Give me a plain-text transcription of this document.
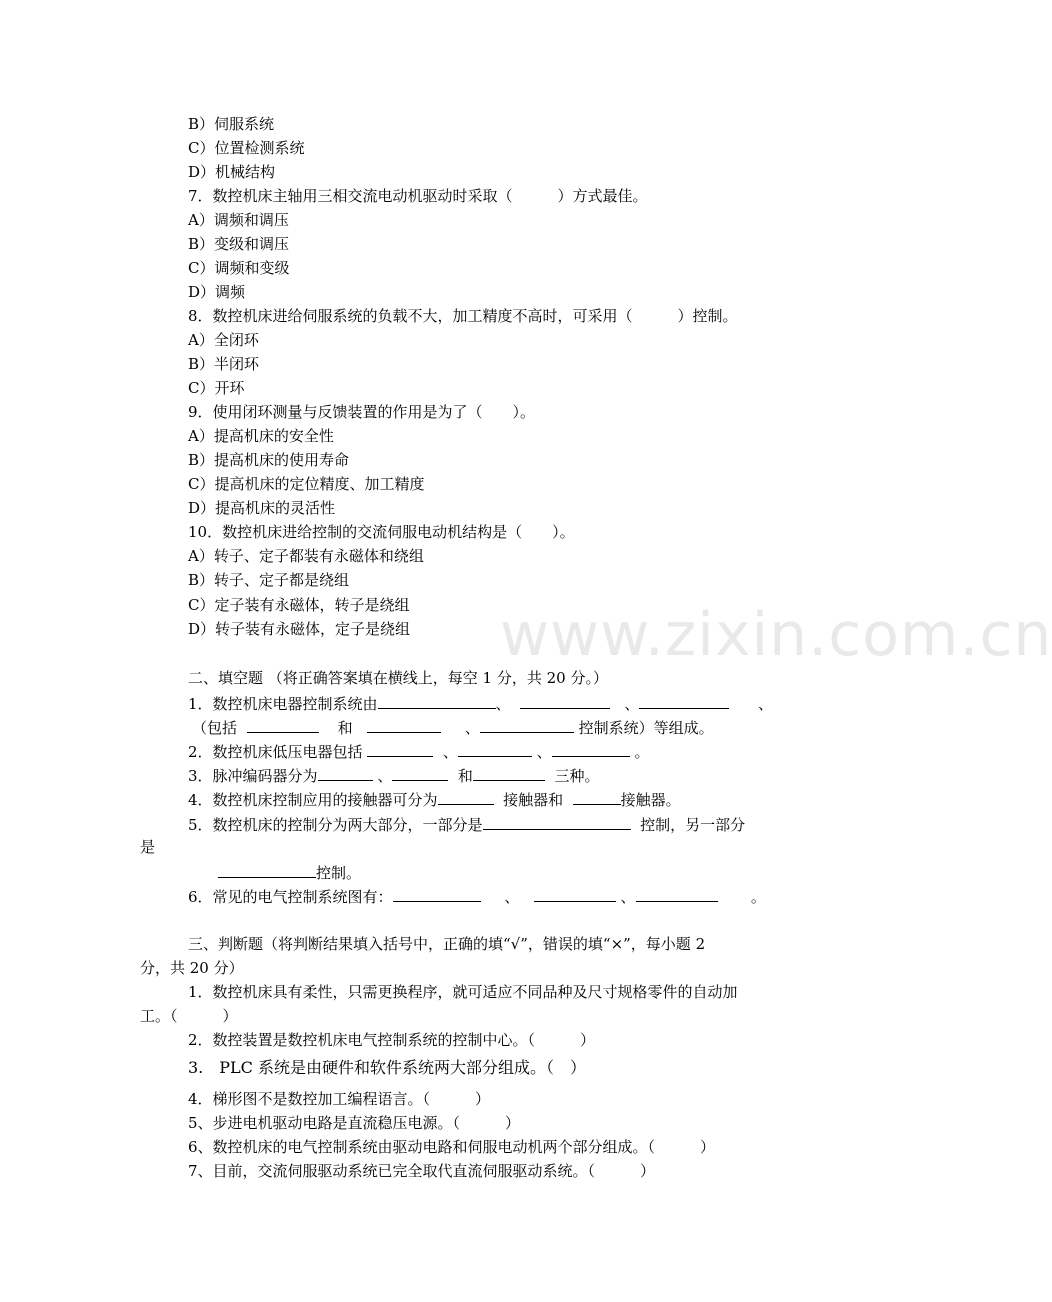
www.zixin.com.cn
B）伺服系统
C）位置检测系统
D）机械结构
7．数控机床主轴用三相交流电动机驱动时采取（　　　）方式最佳。
A）调频和调压
B）变级和调压
C）调频和变级
D）调频
8．数控机床进给伺服系统的负载不大，加工精度不高时，可采用（　　　）控制。
A）全闭环
B）半闭环
C）开环
9．使用闭环测量与反馈装置的作用是为了（　　）。
A）提高机床的安全性
B）提高机床的使用寿命
C）提高机床的定位精度、加工精度
D）提高机床的灵活性
10．数控机床进给控制的交流伺服电动机结构是（　　）。
A）转子、定子都装有永磁体和绕组
B）转子、定子都是绕组
C）定子装有永磁体，转子是绕组
D）转子装有永磁体，定子是绕组
二、填空题 （将正确答案填在横线上，每空 1 分，共 20 分。）
1．数控机床电器控制系统由	、	、	、
（包括	和	、	控制系统）等组成。
2．数控机床低压电器包括	、	、	。
3．脉冲编码器分为	、	和	三种。
4．数控机床控制应用的接触器可分为	接触器和	接触器。
5．数控机床的控制分为两大部分，一部分是	控制，另一部分
是
控制。
6．常见的电气控制系统图有：	、	、	。
三、判断题（将判断结果填入括号中，正确的填“√”，错误的填“×”，每小题 2
分，共 20 分）
1．数控机床具有柔性，只需更换程序，就可适应不同品种及尺寸规格零件的自动加
工。（　　　）
2．数控装置是数控机床电气控制系统的控制中心。（　　　）
3.　PLC 系统是由硬件和软件系统两大部分组成。（　）
4．梯形图不是数控加工编程语言。（　　　）
5、步进电机驱动电路是直流稳压电源。（　　　）
6、数控机床的电气控制系统由驱动电路和伺服电动机两个部分组成。（　　　）
7、目前，交流伺服驱动系统已完全取代直流伺服驱动系统。（　　　）
